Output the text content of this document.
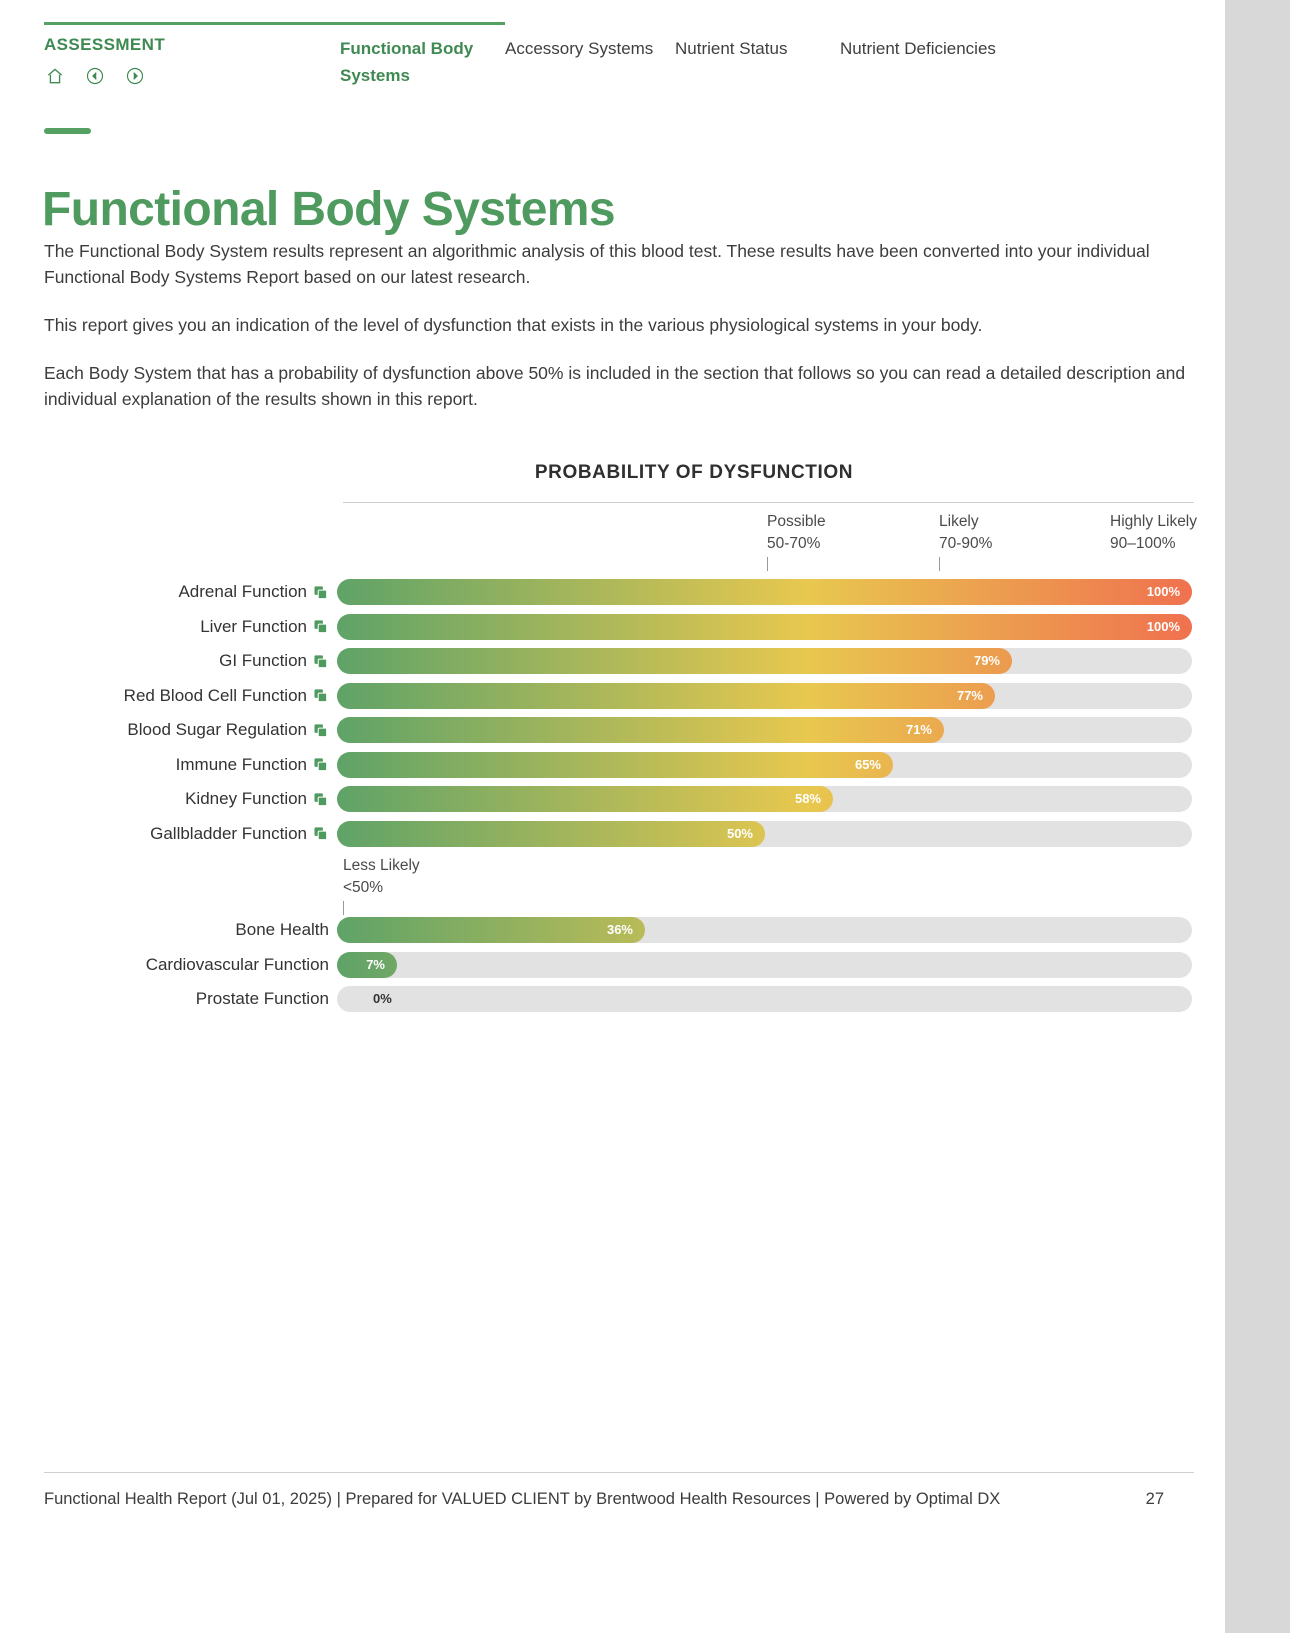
ASSESSMENT	Functional Body Systems
Accessory Systems	Nutrient Status	Nutrient Deficiencies
Functional Body Systems

The Functional Body System results represent an algorithmic analysis of this blood test. These results have been converted into your individual Functional Body Systems Report based on our latest research.

This report gives you an indication of the level of dysfunction that exists in the various physiological systems in your body.

Each Body System that has a probability of dysfunction above 50% is included in the section that follows so you can read a detailed description and individual explanation of the results shown in this report.

PROBABILITY OF DYSFUNCTION
Possible
50-70%
Likely
70-90%
Highly Likely
90–100%
Adrenal Function	100%
Liver Function	100%
GI Function	79%
Red Blood Cell Function	77%
Blood Sugar Regulation	71%
Immune Function	65%
Kidney Function	58%
Gallbladder Function	50%
Less Likely
<50%
Bone Health	36%
Cardiovascular Function	7%
Prostate Function	0%
Functional Health Report (Jul 01, 2025) | Prepared for VALUED CLIENT by Brentwood Health Resources | Powered by Optimal DX	27
